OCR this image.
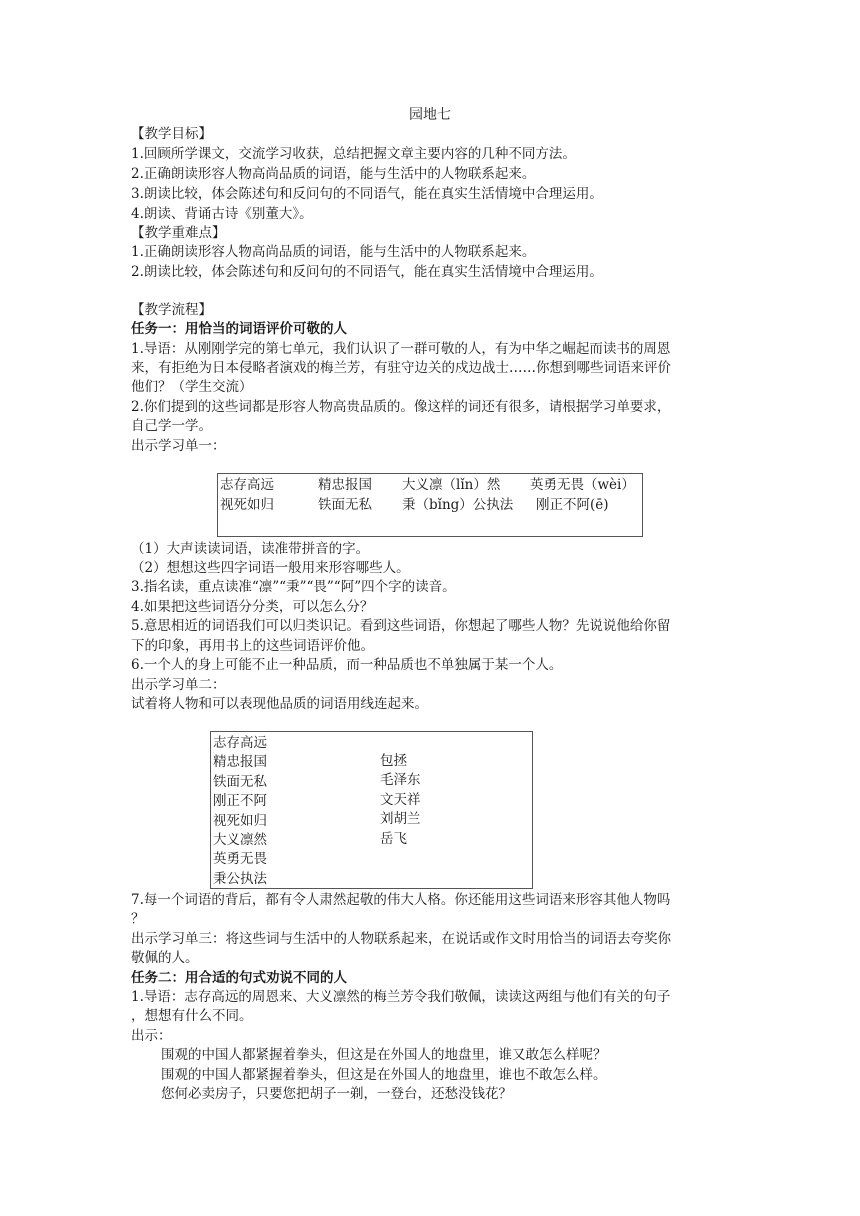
园地七
【教学目标】
1.回顾所学课文，交流学习收获，总结把握文章主要内容的几种不同方法。
2.正确朗读形容人物高尚品质的词语，能与生活中的人物联系起来。
3.朗读比较，体会陈述句和反问句的不同语气，能在真实生活情境中合理运用。
4.朗读、背诵古诗《别董大》。
【教学重难点】
1.正确朗读形容人物高尚品质的词语，能与生活中的人物联系起来。
2.朗读比较，体会陈述句和反问句的不同语气，能在真实生活情境中合理运用。
【教学流程】
任务一：用恰当的词语评价可敬的人
1.导语：从刚刚学完的第七单元，我们认识了一群可敬的人，有为中华之崛起而读书的周恩
来，有拒绝为日本侵略者演戏的梅兰芳，有驻守边关的戍边战士……你想到哪些词语来评价
他们？（学生交流）
2.你们提到的这些词都是形容人物高贵品质的。像这样的词还有很多，请根据学习单要求，
自己学一学。
出示学习单一：
志存高远	精忠报国 大义凛（lǐn）然 英勇无畏（wèi）
视死如归	铁面无私 秉（bǐng）公执法 刚正不阿(ē)
（1）大声读读词语，读准带拼音的字。
（2）想想这些四字词语一般用来形容哪些人。
3.指名读，重点读准“凛”“秉”“畏”“阿”四个字的读音。
4.如果把这些词语分分类，可以怎么分？
5.意思相近的词语我们可以归类识记。看到这些词语，你想起了哪些人物？先说说他给你留
下的印象，再用书上的这些词语评价他。
6.一个人的身上可能不止一种品质，而一种品质也不单独属于某一个人。
出示学习单二：
试着将人物和可以表现他品质的词语用线连起来。
志存高远
精忠报国
铁面无私
刚正不阿
视死如归
大义凛然
英勇无畏
秉公执法
包拯
毛泽东
文天祥
刘胡兰
岳飞
7.每一个词语的背后，都有令人肃然起敬的伟大人格。你还能用这些词语来形容其他人物吗
？
出示学习单三：将这些词与生活中的人物联系起来，在说话或作文时用恰当的词语去夸奖你
敬佩的人。
任务二：用合适的句式劝说不同的人
1.导语：志存高远的周恩来、大义凛然的梅兰芳令我们敬佩，读读这两组与他们有关的句子
，想想有什么不同。
出示：
围观的中国人都紧握着拳头，但这是在外国人的地盘里，谁又敢怎么样呢？
围观的中国人都紧握着拳头，但这是在外国人的地盘里，谁也不敢怎么样。
您何必卖房子，只要您把胡子一剃，一登台，还愁没钱花？
